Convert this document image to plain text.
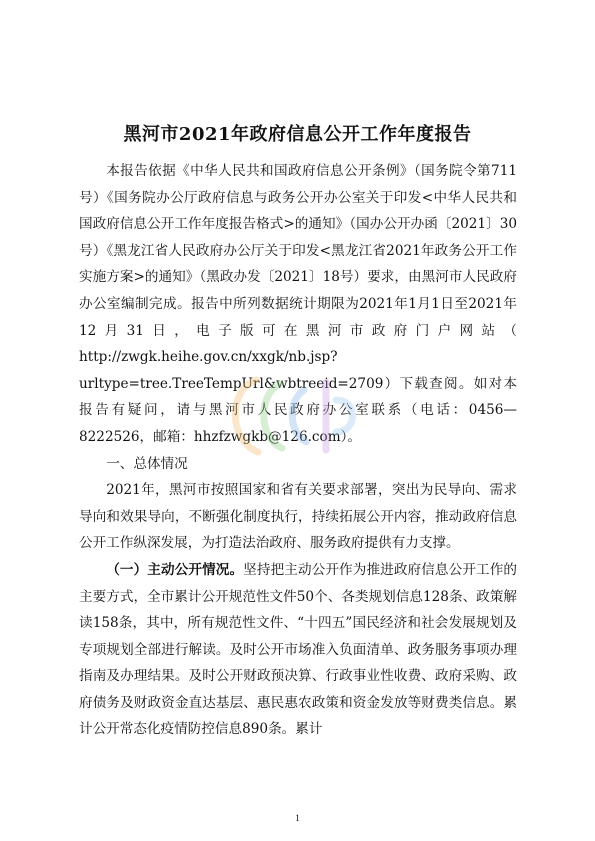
黑河市2021年政府信息公开工作年度报告

本报告依据《中华人民共和国政府信息公开条例》（国务院令第711号）《国务院办公厅政府信息与政务公开办公室关于印发<中华人民共和国政府信息公开工作年度报告格式>的通知》（国办公开办函〔2021〕30号）《黑龙江省人民政府办公厅关于印发<黑龙江省2021年政务公开工作实施方案>的通知》（黑政办发〔2021〕18号）要求，由黑河市人民政府办公室编制完成。报告中所列数据统计期限为2021年1月1日至2021年12月31日，电子版可在黑河市政府门户网站（ http://zwgk.heihe.gov.cn/xxgk/nb.jsp?urltype=tree.TreeTempUrl&wbtreeid=2709）下载查阅。如对本报告有疑问，请与黑河市人民政府办公室联系（电话：0456—8222526，邮箱：hhzfzwgkb@126.com）。

一、总体情况

2021年，黑河市按照国家和省有关要求部署，突出为民导向、需求导向和效果导向，不断强化制度执行，持续拓展公开内容，推动政府信息公开工作纵深发展，为打造法治政府、服务政府提供有力支撑。

（一）主动公开情况。坚持把主动公开作为推进政府信息公开工作的主要方式，全市累计公开规范性文件50个、各类规划信息128条、政策解读158条，其中，所有规范性文件、“十四五”国民经济和社会发展规划及专项规划全部进行解读。及时公开市场准入负面清单、政务服务事项办理指南及办理结果。及时公开财政预决算、行政事业性收费、政府采购、政府债务及财政资金直达基层、惠民惠农政策和资金发放等财费类信息。累计公开常态化疫情防控信息890条。累计

1
